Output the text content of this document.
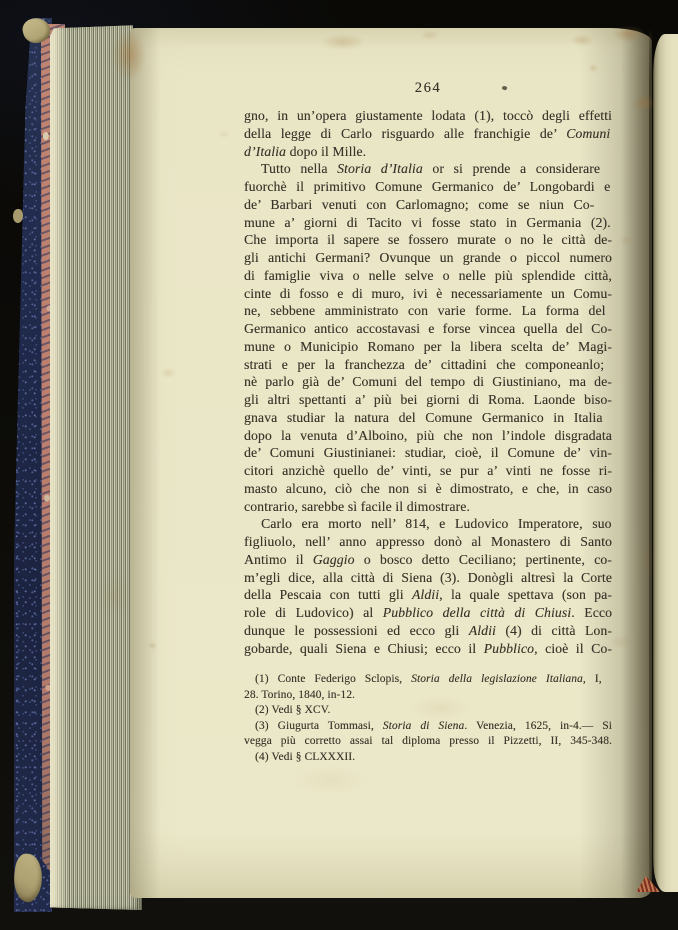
264
gno, in un’opera giustamente lodata (1), toccò degli effetti
della legge di Carlo risguardo alle franchigie de’ Comuni
d’Italia dopo il Mille.
Tutto nella Storia d’Italia or si prende a considerare
fuorchè il primitivo Comune Germanico de’ Longobardi e
de’ Barbari venuti con Carlomagno; come se niun Co-
mune a’ giorni di Tacito vi fosse stato in Germania (2).
Che importa il sapere se fossero murate o no le città de-
gli antichi Germani? Ovunque un grande o piccol numero
di famiglie viva o nelle selve o nelle più splendide città,
cinte di fosso e di muro, ivi è necessariamente un Comu-
ne, sebbene amministrato con varie forme. La forma del
Germanico antico accostavasi e forse vincea quella del Co-
mune o Municipio Romano per la libera scelta de’ Magi-
strati e per la franchezza de’ cittadini che componeanlo;
nè parlo già de’ Comuni del tempo di Giustiniano, ma de-
gli altri spettanti a’ più bei giorni di Roma. Laonde biso-
gnava studiar la natura del Comune Germanico in Italia
dopo la venuta d’Alboino, più che non l’indole disgradata
de’ Comuni Giustinianei: studiar, cioè, il Comune de’ vin-
citori anzichè quello de’ vinti, se pur a’ vinti ne fosse ri-
masto alcuno, ciò che non si è dimostrato, e che, in caso
contrario, sarebbe sì facile il dimostrare.
Carlo era morto nell’ 814, e Ludovico Imperatore, suo
figliuolo, nell’ anno appresso donò al Monastero di Santo
Antimo il Gaggio o bosco detto Ceciliano; pertinente, co-
m’egli dice, alla città di Siena (3). Donògli altresì la Corte
della Pescaia con tutti gli Aldii, la quale spettava (son pa-
role di Ludovico) al Pubblico della città di Chiusi. Ecco
dunque le possessioni ed ecco gli Aldii (4) di città Lon-
gobarde, quali Siena e Chiusi; ecco il Pubblico, cioè il Co-
(1) Conte Federigo Sclopis, Storia della legislazione Italiana, I,
28. Torino, 1840, in-12.
(2) Vedi § XCV.
(3) Giugurta Tommasi, Storia di Siena. Venezia, 1625, in-4.— Si
vegga più corretto assai tal diploma presso il Pizzetti, II, 345-348.
(4) Vedi § CLXXXII.
